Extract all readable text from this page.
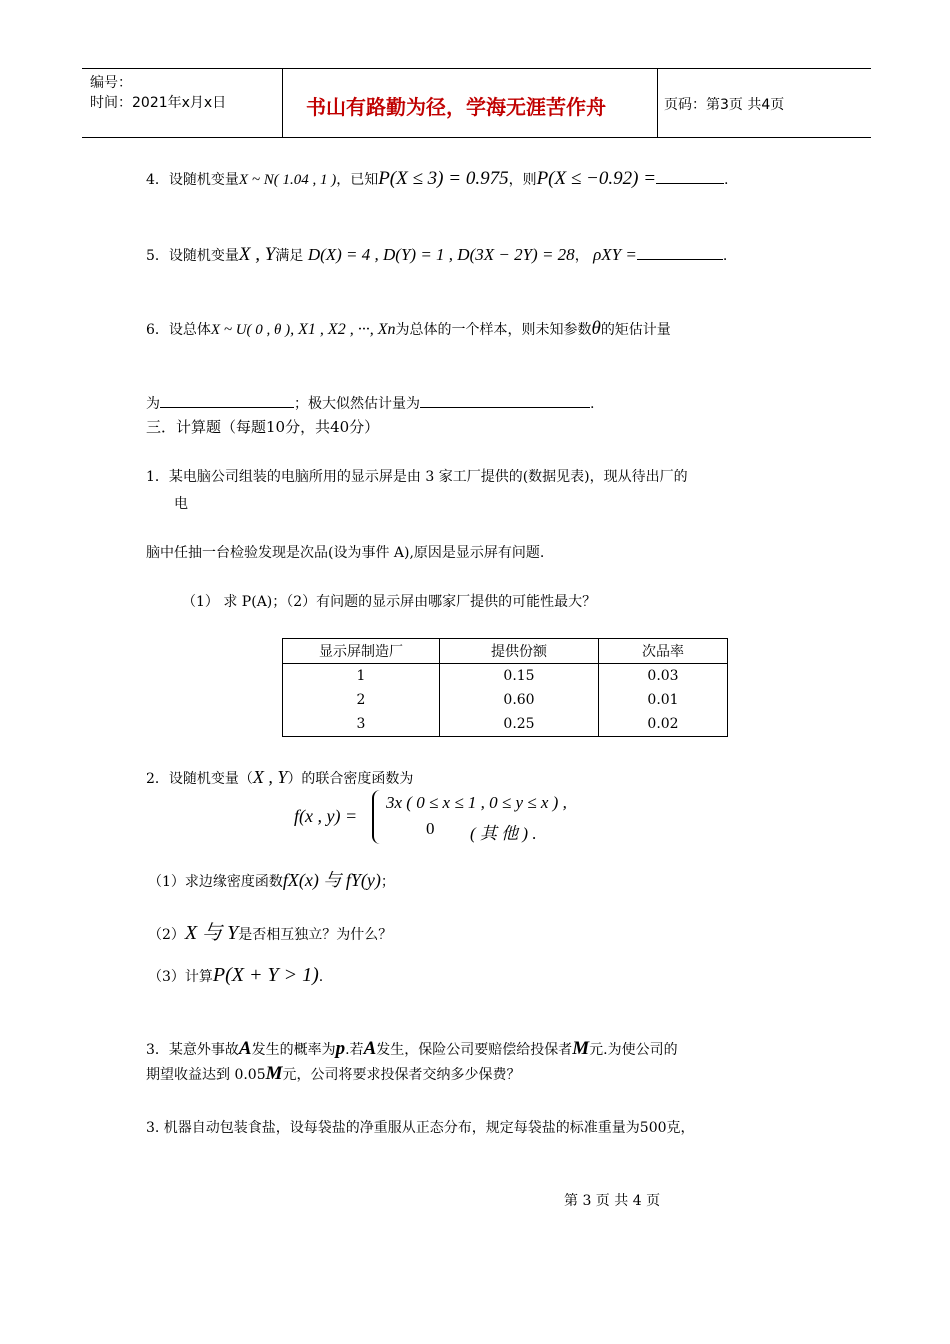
编号：
时间：2021年x月x日	书山有路勤为径，学海无涯苦作舟	页码：第3页 共4页
4．设随机变量X ~ N( 1.04 , 1 )，已知P(X ≤ 3) = 0.975，则P(X ≤ −0.92) =	.
5．设随机变量X , Y满足 D(X) = 4 , D(Y) = 1 , D(3X − 2Y) = 28， ρXY =	.
6．设总体X ~ U( 0 , θ ), X1 , X2 , ···, Xn为总体的一个样本，则未知参数θ的矩估计量
为	；极大似然估计量为	.
三．计算题（每题10分，共40分）
1．某电脑公司组装的电脑所用的显示屏是由 3 家工厂提供的(数据见表)，现从待出厂的
电
脑中任抽一台检验发现是次品(设为事件 A),原因是显示屏有问题.
（1） 求 P(A)；（2）有问题的显示屏由哪家厂提供的可能性最大？
显示屏制造厂	提供份额	次品率
1	0.15	0.03
2	0.60	0.01
3	0.25	0.02
2．设随机变量（X , Y）的联合密度函数为
f(x , y) =
3x ( 0 ≤ x ≤ 1 , 0 ≤ y ≤ x ) ,
0 ( 其 他 ) .
（1）求边缘密度函数fX(x) 与 fY(y)；
（2）X 与 Y是否相互独立？为什么？
（3）计算P(X + Y > 1).
3．某意外事故A发生的概率为p.若A发生，保险公司要赔偿给投保者M元.为使公司的
期望收益达到 0.05M元，公司将要求投保者交纳多少保费？
3. 机器自动包装食盐，设每袋盐的净重服从正态分布，规定每袋盐的标准重量为500克，
第 3 页 共 4 页
